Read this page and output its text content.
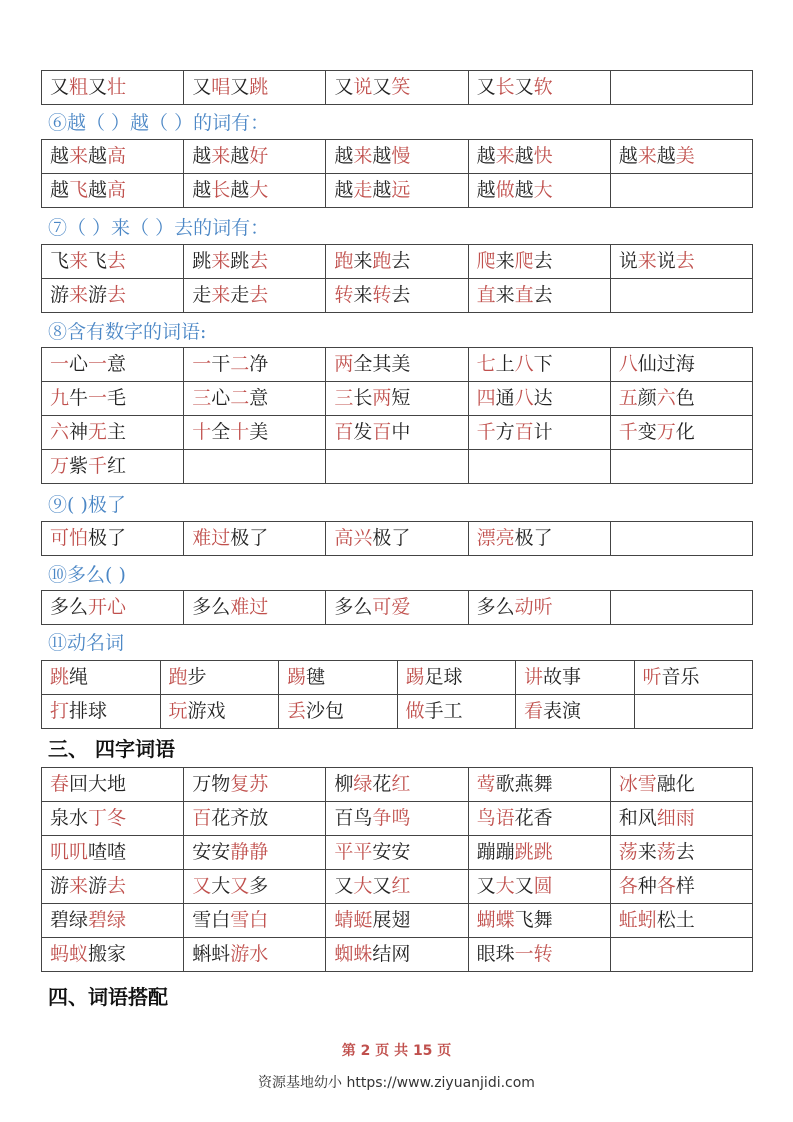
又粗又壮	又唱又跳	又说又笑	又长又软	
⑥越（ ）越（ ）的词有：
越来越高	越来越好	越来越慢	越来越快	越来越美
越飞越高	越长越大	越走越远	越做越大	
⑦（ ）来（ ）去的词有：
飞来飞去	跳来跳去	跑来跑去	爬来爬去	说来说去
游来游去	走来走去	转来转去	直来直去	
⑧含有数字的词语:
一心一意	一干二净	两全其美	七上八下	八仙过海
九牛一毛	三心二意	三长两短	四通八达	五颜六色
六神无主	十全十美	百发百中	千方百计	千变万化
万紫千红				
⑨( )极了
可怕极了	难过极了	高兴极了	漂亮极了	
⑩多么( )
多么开心	多么难过	多么可爱	多么动听	
⑪动名词
跳绳	跑步	踢毽	踢足球	讲故事	听音乐
打排球	玩游戏	丢沙包	做手工	看表演	
三、 四字词语
春回大地	万物复苏	柳绿花红	莺歌燕舞	冰雪融化
泉水丁冬	百花齐放	百鸟争鸣	鸟语花香	和风细雨
叽叽喳喳	安安静静	平平安安	蹦蹦跳跳	荡来荡去
游来游去	又大又多	又大又红	又大又圆	各种各样
碧绿碧绿	雪白雪白	蜻蜓展翅	蝴蝶飞舞	蚯蚓松土
蚂蚁搬家	蝌蚪游水	蜘蛛结网	眼珠一转	
四、词语搭配
第 2 页 共 15 页
资源基地幼小 https://www.ziyuanjidi.com
